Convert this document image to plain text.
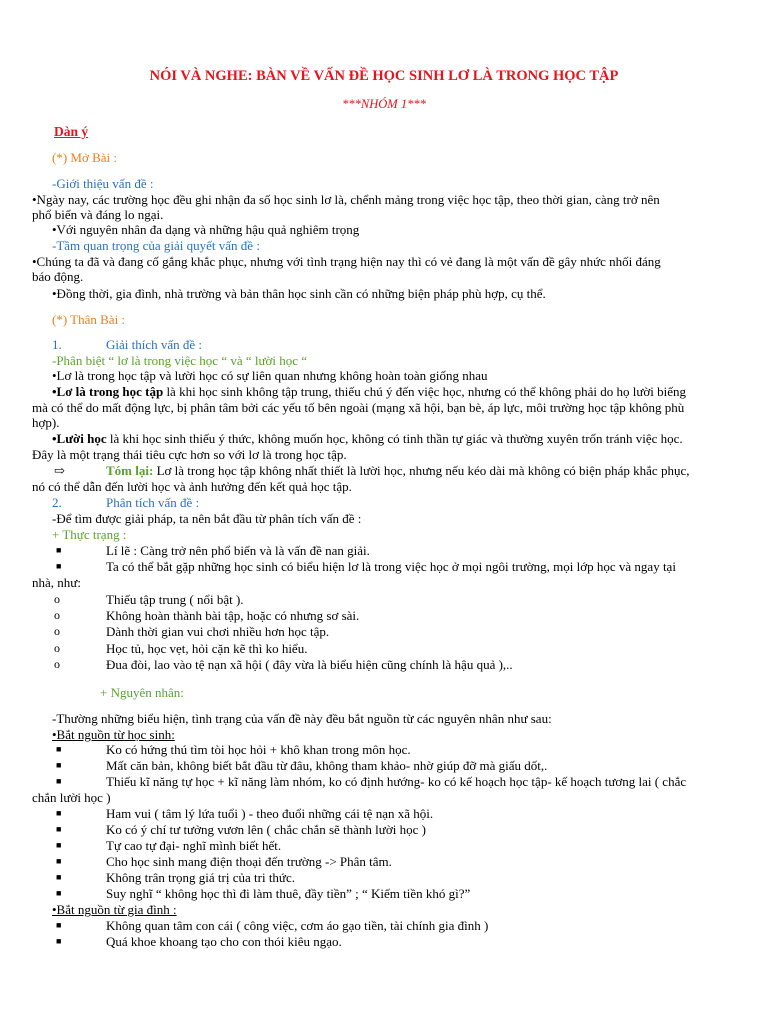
NÓI VÀ NGHE: BÀN VỀ VẤN ĐỀ HỌC SINH LƠ LÀ TRONG HỌC TẬP
***NHÓM 1***
Dàn ý
(*) Mở Bài :
-Giới thiệu vấn đề :
•Ngày nay, các trường học đều ghi nhận đa số học sinh lơ là, chểnh mảng trong việc học tập, theo thời gian, càng trở nên
phổ biến và đáng lo ngại.
•Với nguyên nhân đa dạng và những hậu quả nghiêm trọng
-Tầm quan trọng của giải quyết vấn đề :
•Chúng ta đã và đang cố gắng khắc phục, nhưng với tình trạng hiện nay thì có vẻ đang là một vấn đề gây nhức nhối đáng
báo động.
•Đồng thời, gia đình, nhà trường và bản thân học sinh cần có những biện pháp phù hợp, cụ thể.
(*) Thân Bài :
1.	Giải thích vấn đề :
-Phân biệt “ lơ là trong việc học “ và “ lười học “
•Lơ là trong học tập và lười học có sự liên quan nhưng không hoàn toàn giống nhau
•Lơ là trong học tập là khi học sinh không tập trung, thiếu chú ý đến việc học, nhưng có thể không phải do họ lười biếng
mà có thể do mất động lực, bị phân tâm bởi các yếu tố bên ngoài (mạng xã hội, bạn bè, áp lực, môi trường học tập không phù
hợp).
•Lười học là khi học sinh thiếu ý thức, không muốn học, không có tinh thần tự giác và thường xuyên trốn tránh việc học.
Đây là một trạng thái tiêu cực hơn so với lơ là trong học tập.
⇨	Tóm lại: Lơ là trong học tập không nhất thiết là lười học, nhưng nếu kéo dài mà không có biện pháp khắc phục,
nó có thể dẫn đến lười học và ảnh hưởng đến kết quả học tập.
2.	Phân tích vấn đề :
-Để tìm được giải pháp, ta nên bắt đầu từ phân tích vấn đề :
+ Thực trạng :
■	Lí lẽ : Càng trở nên phổ biến và là vấn đề nan giải.
■	Ta có thể bắt gặp những học sinh có biểu hiện lơ là trong việc học ở mọi ngôi trường, mọi lớp học và ngay tại
nhà, như:
o	Thiếu tập trung ( nổi bật ).
o	Không hoàn thành bài tập, hoặc có nhưng sơ sài.
o	Dành thời gian vui chơi nhiều hơn học tập.
o	Học tủ, học vẹt, hỏi cặn kẽ thì ko hiểu.
o	Đua đòi, lao vào tệ nạn xã hội ( đây vừa là biểu hiện cũng chính là hậu quả ),..
+ Nguyên nhân:
-Thường những biểu hiện, tình trạng của vấn đề này đều bắt nguồn từ các nguyên nhân như sau:
•Bắt nguồn từ học sinh:
■	Ko có hứng thú tìm tòi học hỏi + khô khan trong môn học.
■	Mất căn bản, không biết bắt đầu từ đâu, không tham khảo- nhờ giúp đỡ mà giấu dốt,.
■	Thiếu kĩ năng tự học + kĩ năng làm nhóm, ko có định hướng- ko có kế hoạch học tập- kế hoạch tương lai ( chắc
chắn lười học )
■	Ham vui ( tâm lý lứa tuổi ) - theo đuổi những cái tệ nạn xã hội.
■	Ko có ý chí tư tưởng vươn lên ( chắc chắn sẽ thành lười học )
■	Tự cao tự đại- nghĩ mình biết hết.
■	Cho học sinh mang điện thoại đến trường -> Phân tâm.
■	Không trân trọng giá trị của tri thức.
■	Suy nghĩ “ không học thì đi làm thuê, đầy tiền” ; “ Kiếm tiền khó gì?”
•Bắt nguồn từ gia đình :
■	Không quan tâm con cái ( công việc, cơm áo gạo tiền, tài chính gia đình )
■	Quá khoe khoang tạo cho con thói kiêu ngạo.
